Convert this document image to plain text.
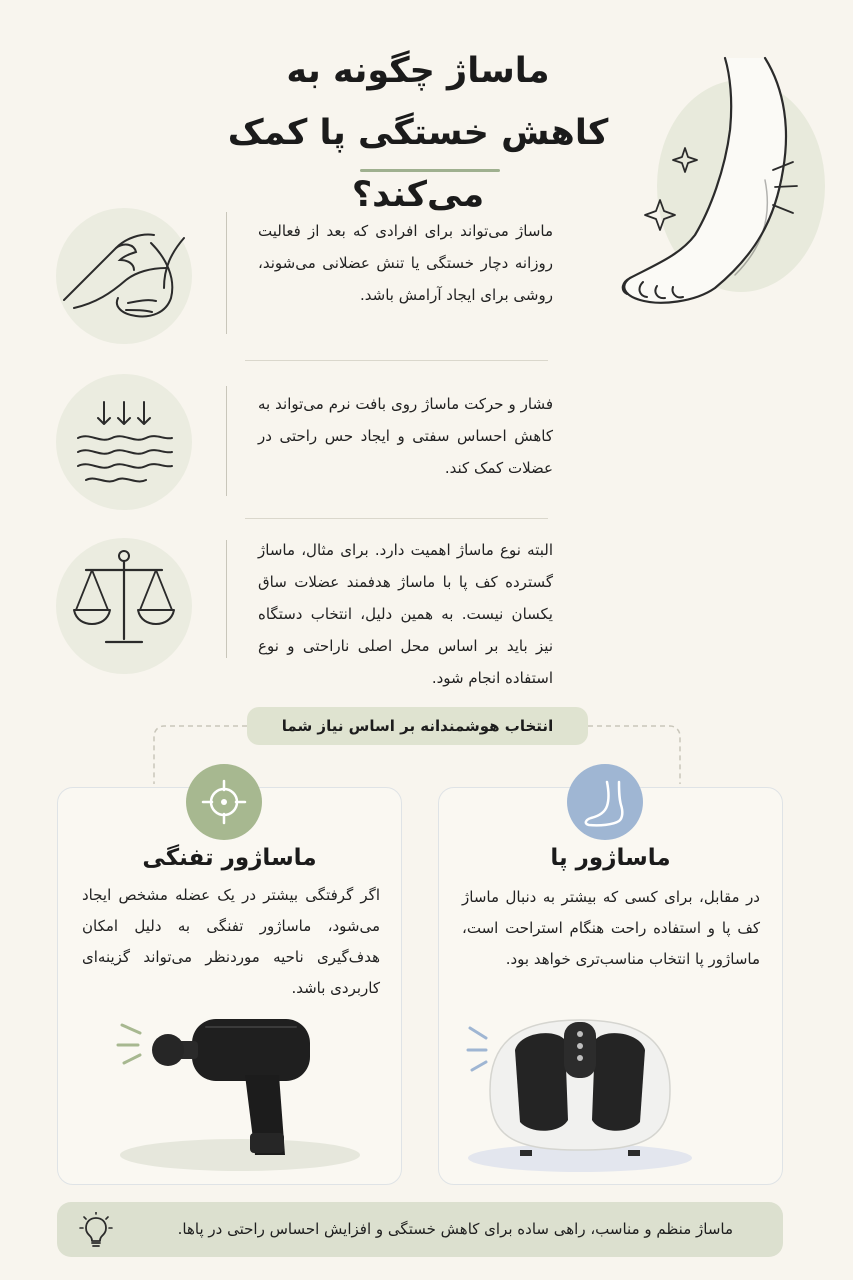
ماساژ چگونه به
کاهش خستگی پا کمک می‌کند؟
ماساژ می‌تواند برای افرادی که بعد از فعالیت روزانه دچار خستگی یا تنش عضلانی می‌شوند، روشی برای ایجاد آرامش باشد.
فشار و حرکت ماساژ روی بافت نرم می‌تواند به کاهش احساس سفتی و ایجاد حس راحتی در عضلات کمک کند.
البته نوع ماساژ اهمیت دارد. برای مثال، ماساژ گسترده کف پا با ماساژ هدفمند عضلات ساق یکسان نیست. به همین دلیل، انتخاب دستگاه نیز باید بر اساس محل اصلی ناراحتی و نوع استفاده انجام شود.
انتخاب هوشمندانه بر اساس نیاز شما
ماساژور تفنگی
اگر گرفتگی بیشتر در یک عضله مشخص ایجاد می‌شود، ماساژور تفنگی به دلیل امکان هدف‌گیری ناحیه موردنظر می‌تواند گزینه‌ای کاربردی باشد.
ماساژور پا
در مقابل، برای کسی که بیشتر به دنبال ماساژ کف پا و استفاده راحت هنگام استراحت است، ماساژور پا انتخاب مناسب‌تری خواهد بود.
ماساژ منظم و مناسب، راهی ساده برای کاهش خستگی و افزایش احساس راحتی در پاها.
